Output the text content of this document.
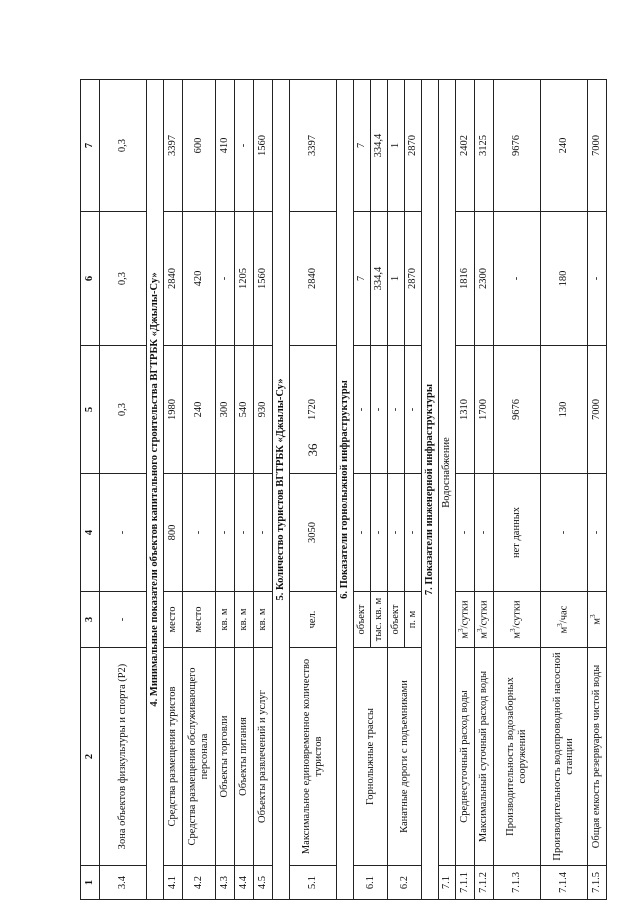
36
1	2	3	4	5	6	7
3.4	Зона объектов физкультуры и спорта (Р2)	-	-	0,3	0,3	0,3
4. Минимальные показатели объектов капитального строительства ВГТРБК «Джылы-Су»						
4.1	Средства размещения туристов	место	800	1980	2840	3397
4.2	Средства размещения обслуживающего персонала	место	-	240	420	600
4.3	Объекты торговли	кв. м	-	300	-	410
4.4	Объекты питания	кв. м	-	540	1205	-
4.5	Объекты развлечений и услуг	кв. м	-	930	1560	1560
5. Количество туристов ВГТРБК «Джылы-Су»						
5.1	Максимальное единовременное количество туристов	чел.	3050	1720	2840	3397
6. Показатели горнолыжной инфраструктуры						
6.1	Горнолыжные трассы	объект	-	-	7	7
		тыс. кв. м	-	-	334,4	334,4
6.2	Канатные дороги с подъемниками	объект	-	-	1	1
		п. м	-	-	2870	2870
7. Показатели инженерной инфраструктуры						
7.1	Водоснабжение					
7.1.1	Среднесуточный расход воды	$м^3$/сутки	-	1310	1816	2402
7.1.2	Максимальный суточный расход воды	$м^3$/сутки	-	1700	2300	3125
7.1.3	Производительность водозаборных сооружений	$м^3$/сутки	нет данных	9676	-	9676
7.1.4	Производительность водопроводной насосной станции	$м^3$/час	-	130	180	240
7.1.5	Общая емкость резервуаров чистой воды	$м^3$	-	7000	-	7000
